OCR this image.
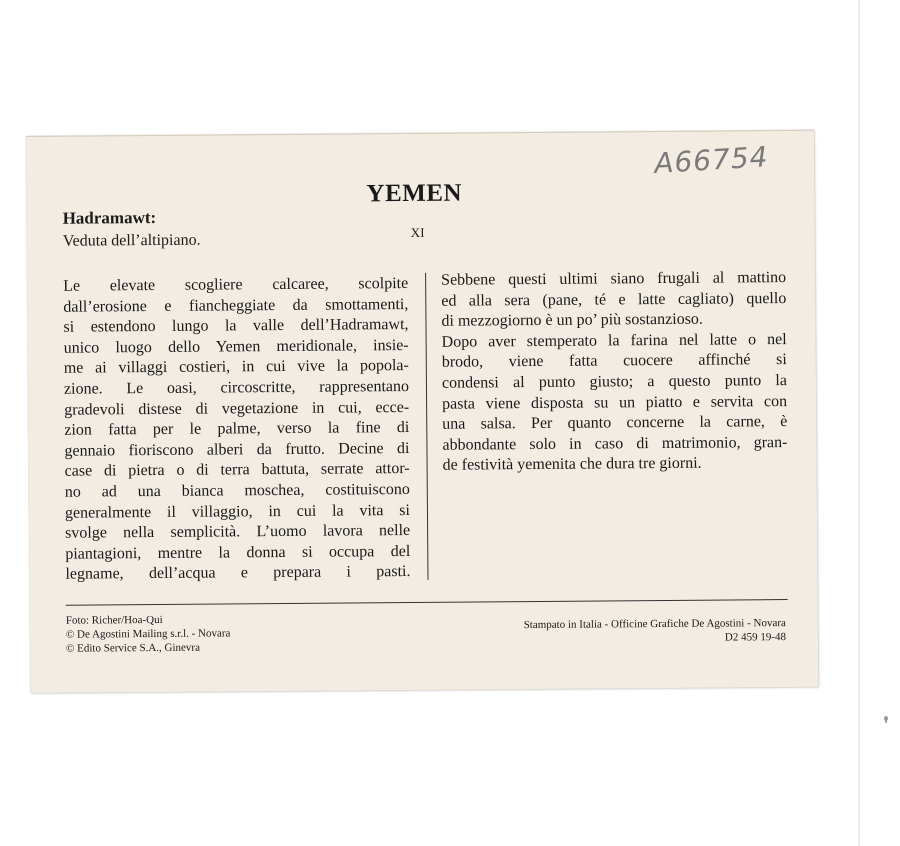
A66754
YEMEN
Hadramawt:
Veduta dell’altipiano.	XI
Le elevate scogliere calcaree, scolpite
dall’erosione e fiancheggiate da smottamenti,
si estendono lungo la valle dell’Hadramawt,
unico luogo dello Yemen meridionale, insie-
me ai villaggi costieri, in cui vive la popola-
zione. Le oasi, circoscritte, rappresentano
gradevoli distese di vegetazione in cui, ecce-
zion fatta per le palme, verso la fine di
gennaio fioriscono alberi da frutto. Decine di
case di pietra o di terra battuta, serrate attor-
no ad una bianca moschea, costituiscono
generalmente il villaggio, in cui la vita si
svolge nella semplicità. L’uomo lavora nelle
piantagioni, mentre la donna si occupa del
legname, dell’acqua e prepara i pasti.
Sebbene questi ultimi siano frugali al mattino
ed alla sera (pane, té e latte cagliato) quello
di mezzogiorno è un po’ più sostanzioso.
Dopo aver stemperato la farina nel latte o nel
brodo, viene fatta cuocere affinché si
condensi al punto giusto; a questo punto la
pasta viene disposta su un piatto e servita con
una salsa. Per quanto concerne la carne, è
abbondante solo in caso di matrimonio, gran-
de festività yemenita che dura tre giorni.
Foto: Richer/Hoa-Qui
© De Agostini Mailing s.r.l. - Novara
© Edito Service S.A., Ginevra
Stampato in Italia - Officine Grafiche De Agostini - Novara
D2 459 19-48
